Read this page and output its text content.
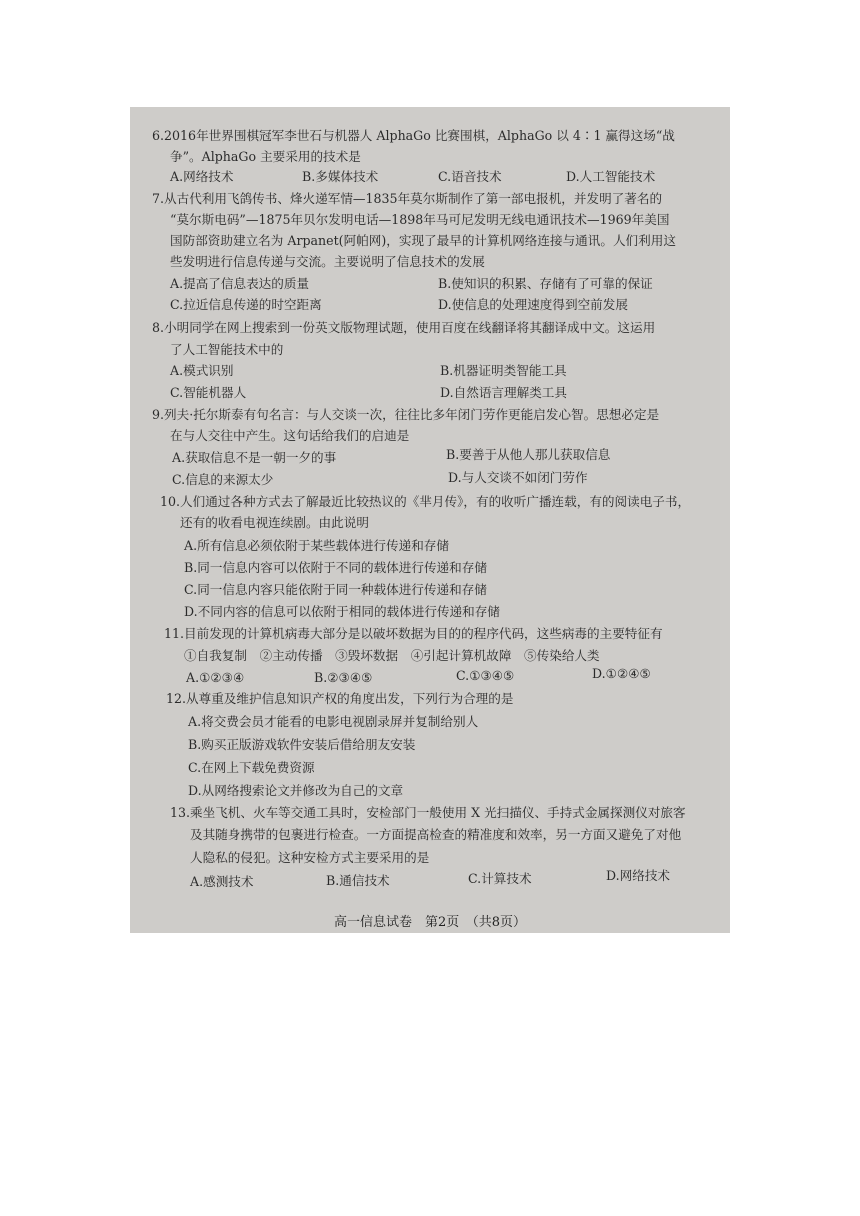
6.2016年世界围棋冠军李世石与机器人 AlphaGo 比赛围棋，AlphaGo 以 4∶1 赢得这场“战
争”。AlphaGo 主要采用的技术是
A.网络技术	B.多媒体技术	C.语音技术	D.人工智能技术
7.从古代利用飞鸽传书、烽火递军情—1835年莫尔斯制作了第一部电报机，并发明了著名的
“莫尔斯电码”—1875年贝尔发明电话—1898年马可尼发明无线电通讯技术—1969年美国
国防部资助建立名为 Arpanet(阿帕网)，实现了最早的计算机网络连接与通讯。人们利用这
些发明进行信息传递与交流。主要说明了信息技术的发展
A.提高了信息表达的质量	B.使知识的积累、存储有了可靠的保证
C.拉近信息传递的时空距离	D.使信息的处理速度得到空前发展
8.小明同学在网上搜索到一份英文版物理试题，使用百度在线翻译将其翻译成中文。这运用
了人工智能技术中的
A.模式识别	B.机器证明类智能工具
C.智能机器人	D.自然语言理解类工具
9.列夫·托尔斯泰有句名言：与人交谈一次，往往比多年闭门劳作更能启发心智。思想必定是
在与人交往中产生。这句话给我们的启迪是
A.获取信息不是一朝一夕的事	B.要善于从他人那儿获取信息
C.信息的来源太少	D.与人交谈不如闭门劳作
10.人们通过各种方式去了解最近比较热议的《芈月传》，有的收听广播连载，有的阅读电子书，
还有的收看电视连续剧。由此说明
A.所有信息必须依附于某些载体进行传递和存储
B.同一信息内容可以依附于不同的载体进行传递和存储
C.同一信息内容只能依附于同一种载体进行传递和存储
D.不同内容的信息可以依附于相同的载体进行传递和存储
11.目前发现的计算机病毒大部分是以破坏数据为目的的程序代码，这些病毒的主要特征有
①自我复制　②主动传播　③毁坏数据　④引起计算机故障　⑤传染给人类
A.①②③④	B.②③④⑤	C.①③④⑤	D.①②④⑤
12.从尊重及维护信息知识产权的角度出发，下列行为合理的是
A.将交费会员才能看的电影电视剧录屏并复制给别人
B.购买正版游戏软件安装后借给朋友安装
C.在网上下载免费资源
D.从网络搜索论文并修改为自己的文章
13.乘坐飞机、火车等交通工具时，安检部门一般使用 X 光扫描仪、手持式金属探测仪对旅客
及其随身携带的包裹进行检查。一方面提高检查的精准度和效率，另一方面又避免了对他
人隐私的侵犯。这种安检方式主要采用的是
A.感测技术	B.通信技术	C.计算技术	D.网络技术
高一信息试卷　第2页　（共8页）
